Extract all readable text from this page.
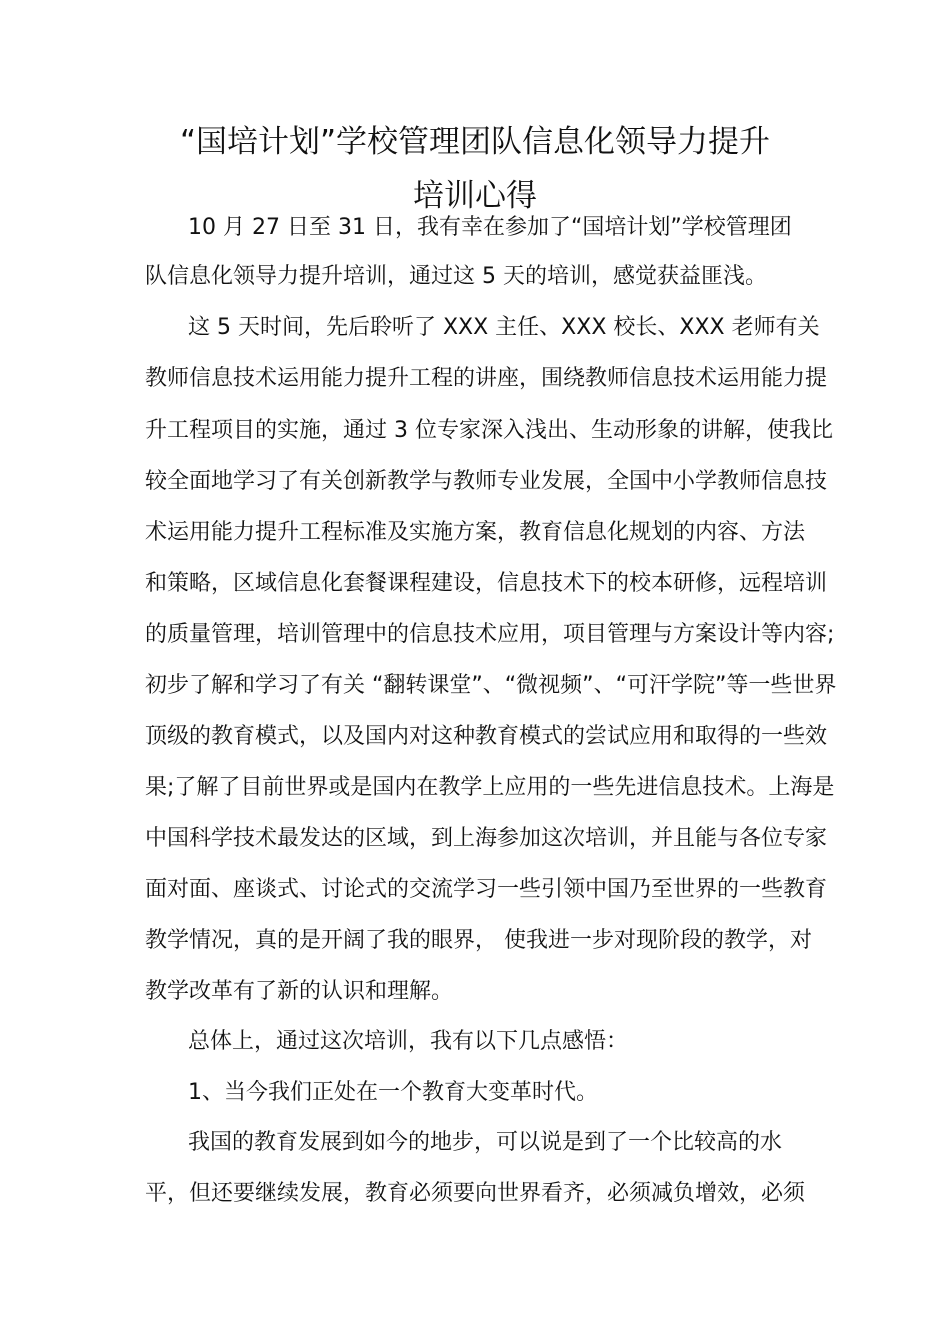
“国培计划”学校管理团队信息化领导力提升
培训心得

10 月 27 日至 31 日，我有幸在参加了“国培计划”学校管理团

队信息化领导力提升培训，通过这 5 天的培训，感觉获益匪浅。

这 5 天时间，先后聆听了 XXX 主任、XXX 校长、XXX 老师有关

教师信息技术运用能力提升工程的讲座，围绕教师信息技术运用能力提

升工程项目的实施，通过 3 位专家深入浅出、生动形象的讲解，使我比

较全面地学习了有关创新教学与教师专业发展，全国中小学教师信息技

术运用能力提升工程标准及实施方案，教育信息化规划的内容、方法

和策略，区域信息化套餐课程建设，信息技术下的校本研修，远程培训

的质量管理，培训管理中的信息技术应用，项目管理与方案设计等内容;

初步了解和学习了有关 “翻转课堂”、“微视频”、“可汗学院”等一些世界

顶级的教育模式，以及国内对这种教育模式的尝试应用和取得的一些效

果;了解了目前世界或是国内在教学上应用的一些先进信息技术。上海是

中国科学技术最发达的区域，到上海参加这次培训，并且能与各位专家

面对面、座谈式、讨论式的交流学习一些引领中国乃至世界的一些教育

教学情况，真的是开阔了我的眼界， 使我进一步对现阶段的教学，对

教学改革有了新的认识和理解。

总体上，通过这次培训，我有以下几点感悟：

1、当今我们正处在一个教育大变革时代。

我国的教育发展到如今的地步，可以说是到了一个比较高的水

平，但还要继续发展，教育必须要向世界看齐，必须减负增效，必须
